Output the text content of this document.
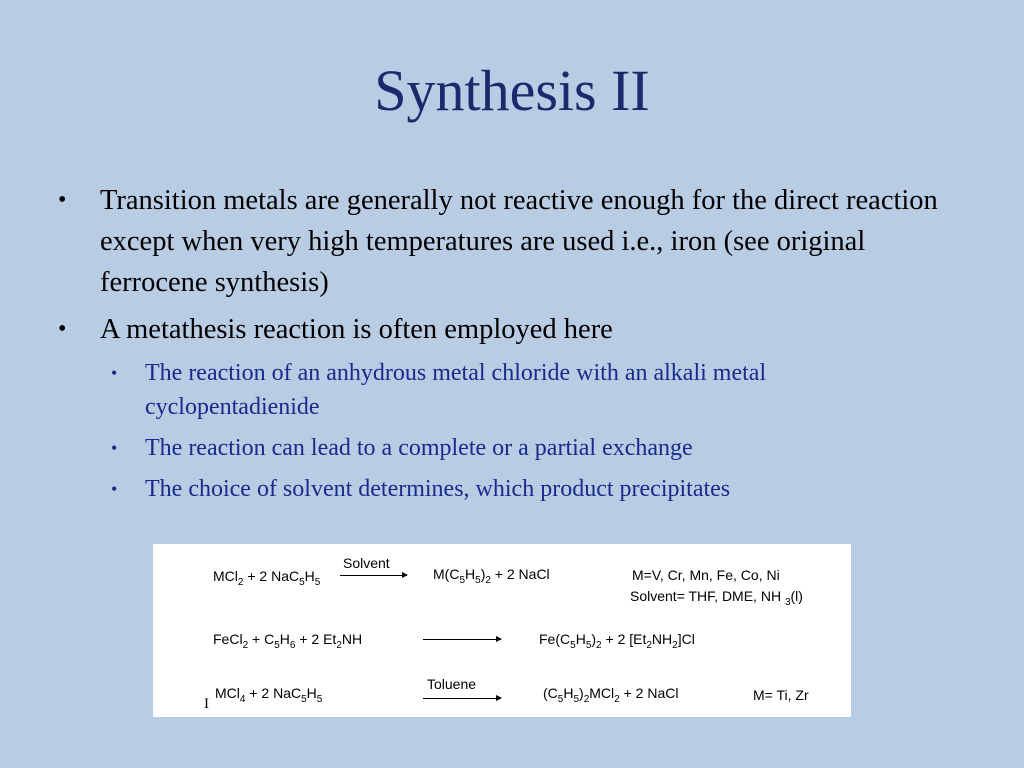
Synthesis II
• Transition metals are generally not reactive enough for the direct reaction except when very high temperatures are used i.e., iron (see original ferrocene synthesis)
• A metathesis reaction is often employed here
• The reaction of an anhydrous metal chloride with an alkali metal cyclopentadienide
• The reaction can lead to a complete or a partial exchange
• The choice of solvent determines, which product precipitates
MCl$_2$ + 2 $NaC_5H_5$
Solvent
$M(C_5H_5)_2 + 2$ NaCl	M=V, Cr, Mn, Fe, Co, Ni
Solvent= THF, DME, NH $_3$(l)
FeCl$_2$ + $C_5H_6 + 2$ $Et_2NH$	$Fe(C_5H_5)_2 + 2$ $[Et_2NH_2]Cl$
I
MCl$_4$ + 2 $NaC_5H_5$
Toluene
$(C_5H_5)_2MCl_2 + 2$ NaCl	M= Ti, Zr
